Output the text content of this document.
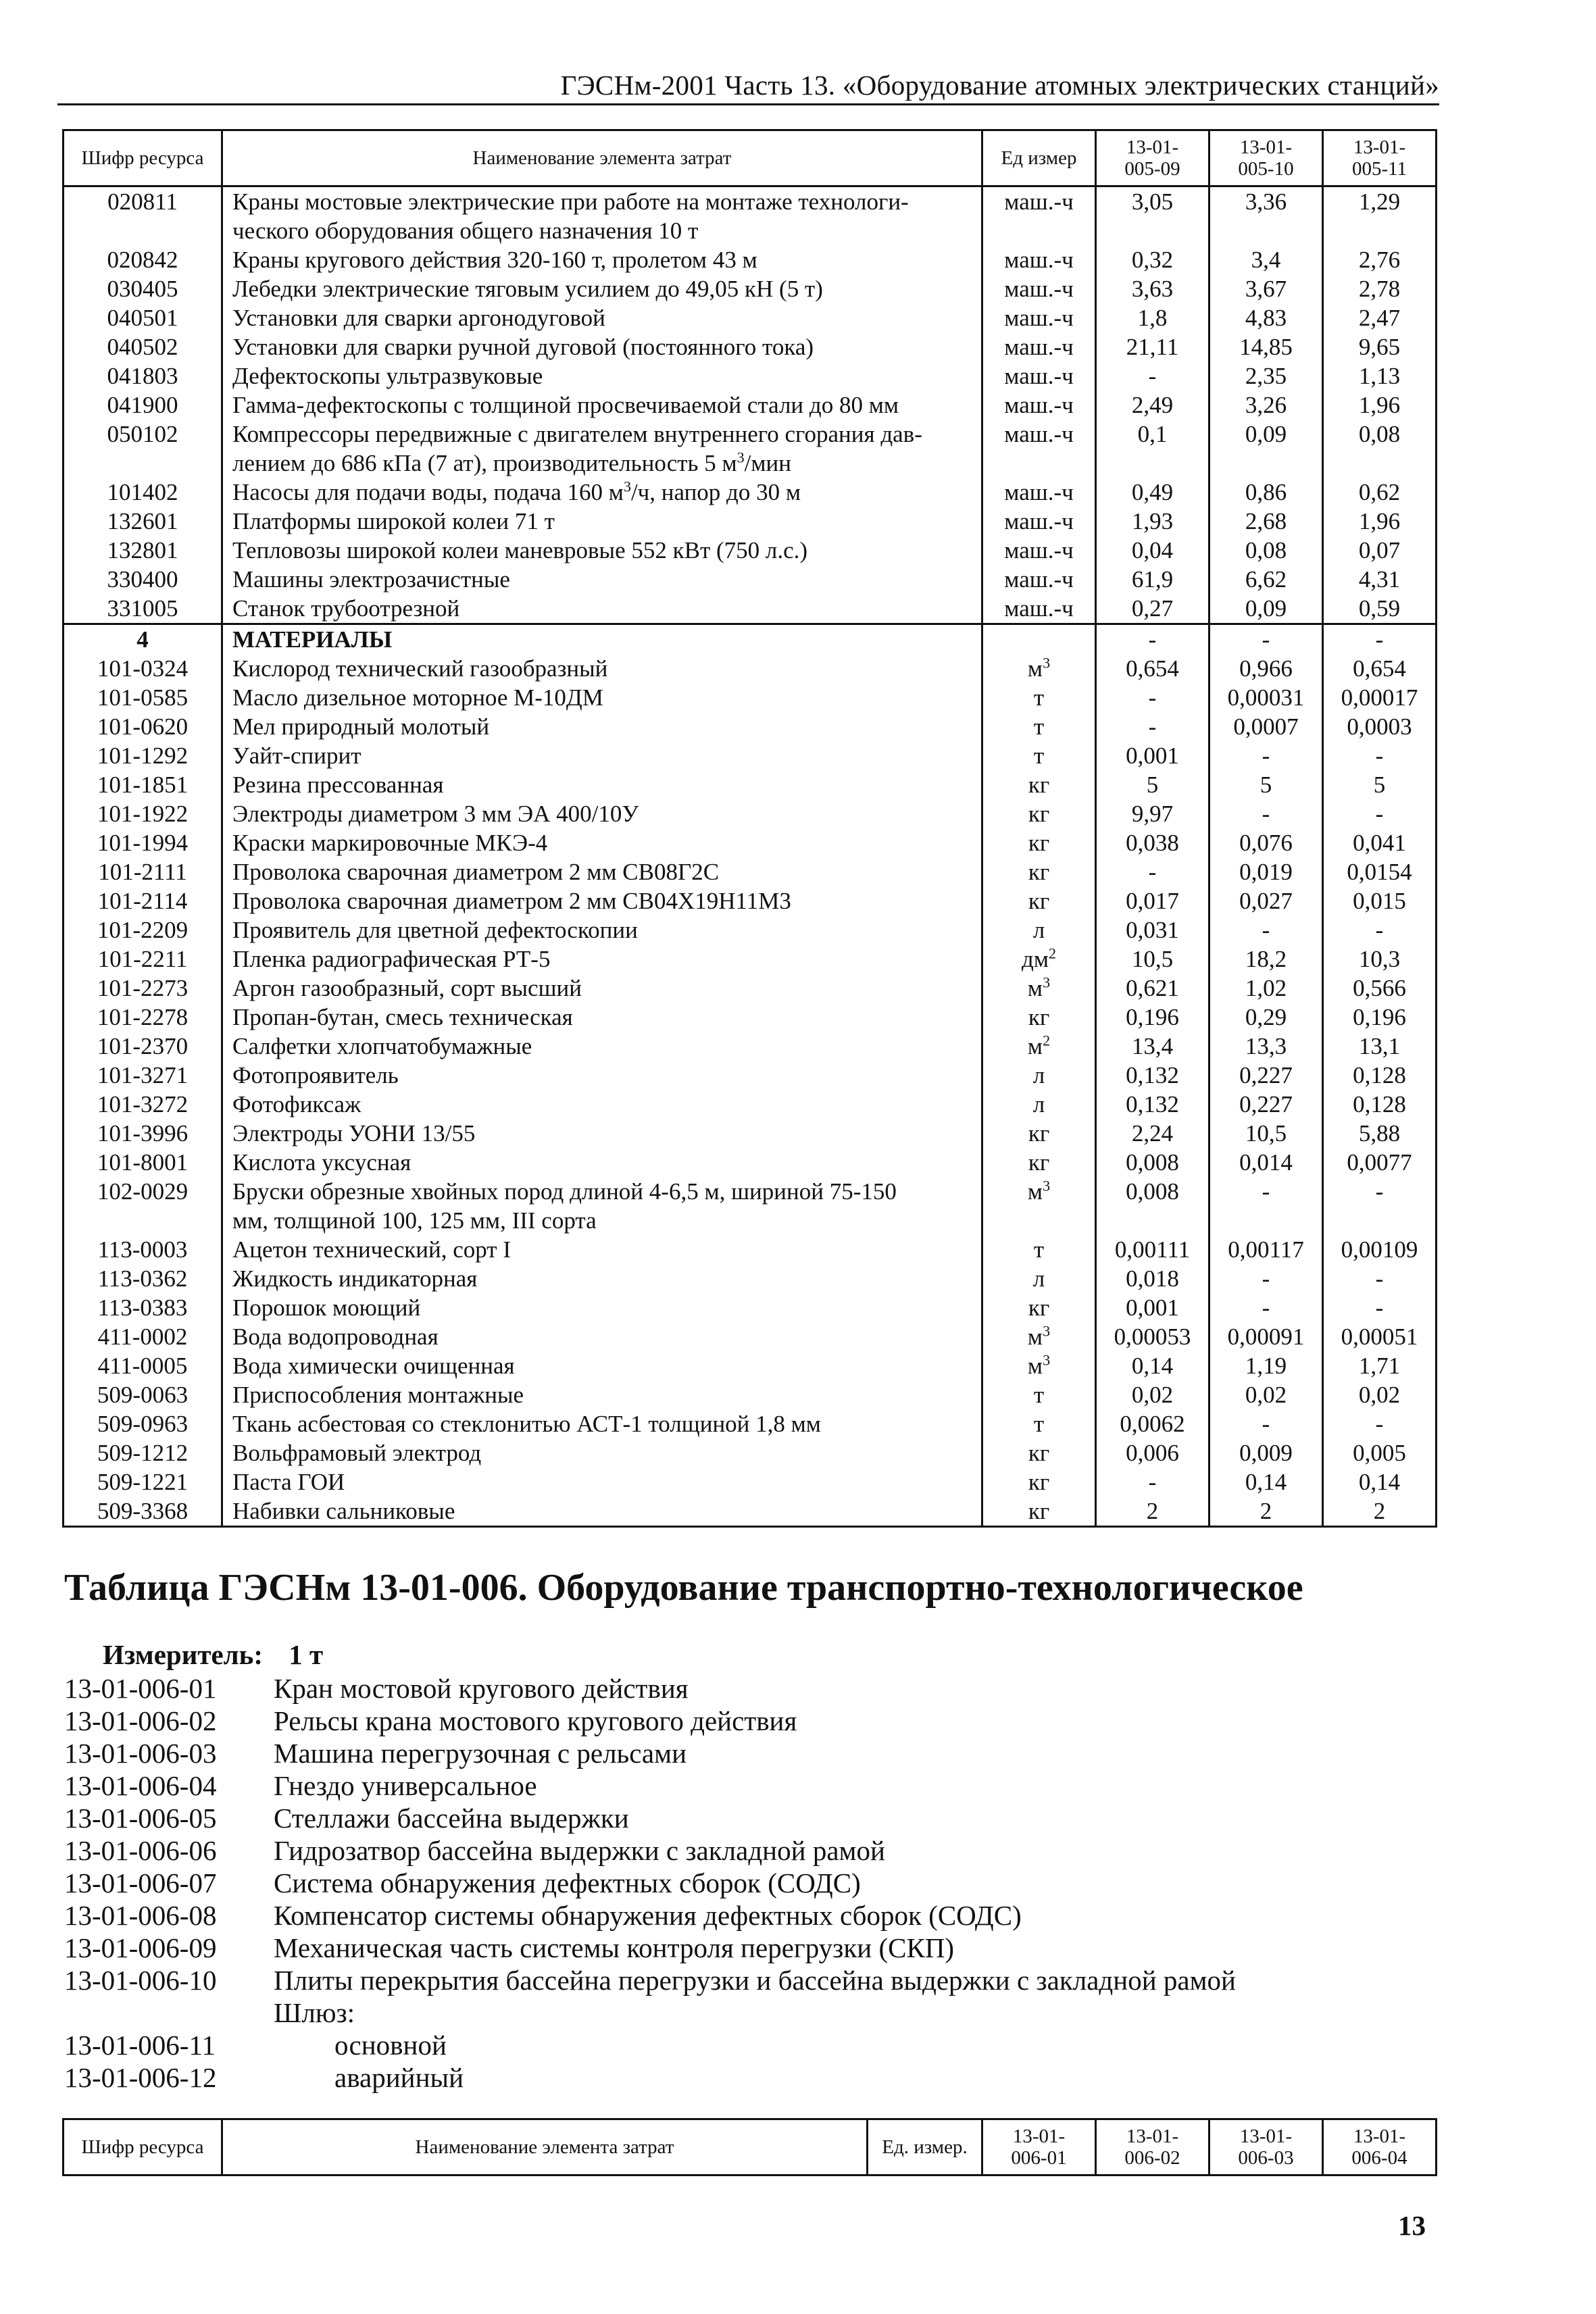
ГЭСНм-2001 Часть 13. «Оборудование атомных электрических станций»
Шифр ресурса	Наименование элемента затрат	Ед измер	13-01-
005-09	13-01-
005-10	13-01-
005-11
020811	Краны мостовые электрические при работе на монтаже технологи-
ческого оборудования общего назначения 10 т	маш.-ч	3,05	3,36	1,29
020842	Краны кругового действия 320-160 т, пролетом 43 м	маш.-ч	0,32	3,4	2,76
030405	Лебедки электрические тяговым усилием до 49,05 кН (5 т)	маш.-ч	3,63	3,67	2,78
040501	Установки для сварки аргонодуговой	маш.-ч	1,8	4,83	2,47
040502	Установки для сварки ручной дуговой (постоянного тока)	маш.-ч	21,11	14,85	9,65
041803	Дефектоскопы ультразвуковые	маш.-ч	-	2,35	1,13
041900	Гамма-дефектоскопы с толщиной просвечиваемой стали до 80 мм	маш.-ч	2,49	3,26	1,96
050102	Компрессоры передвижные с двигателем внутреннего сгорания дав-
лением до 686 кПа (7 ат), производительность 5 $м^3$/мин	маш.-ч	0,1	0,09	0,08
101402	Насосы для подачи воды, подача 160 $м^3/ч$, напор до 30 м	маш.-ч	0,49	0,86	0,62
132601	Платформы широкой колеи 71 т	маш.-ч	1,93	2,68	1,96
132801	Тепловозы широкой колеи маневровые 552 кВт (750 л.с.)	маш.-ч	0,04	0,08	0,07
330400	Машины электрозачистные	маш.-ч	61,9	6,62	4,31
331005	Станок трубоотрезной	маш.-ч	0,27	0,09	0,59
4	МАТЕРИАЛЫ		-	-	-
101-0324	Кислород технический газообразный	$м^3$	0,654	0,966	0,654
101-0585	Масло дизельное моторное М-10ДМ	т	-	0,00031	0,00017
101-0620	Мел природный молотый	т	-	0,0007	0,0003
101-1292	Уайт-спирит	т	0,001	-	-
101-1851	Резина прессованная	кг	5	5	5
101-1922	Электроды диаметром 3 мм ЭА 400/10У	кг	9,97	-	-
101-1994	Краски маркировочные МКЭ-4	кг	0,038	0,076	0,041
101-2111	Проволока сварочная диаметром 2 мм СВ08Г2С	кг	-	0,019	0,0154
101-2114	Проволока сварочная диаметром 2 мм СВ04Х19Н11М3	кг	0,017	0,027	0,015
101-2209	Проявитель для цветной дефектоскопии	л	0,031	-	-
101-2211	Пленка радиографическая РТ-5	$дм^2$	10,5	18,2	10,3
101-2273	Аргон газообразный, сорт высший	$м^3$	0,621	1,02	0,566
101-2278	Пропан-бутан, смесь техническая	кг	0,196	0,29	0,196
101-2370	Салфетки хлопчатобумажные	$м^2$	13,4	13,3	13,1
101-3271	Фотопроявитель	л	0,132	0,227	0,128
101-3272	Фотофиксаж	л	0,132	0,227	0,128
101-3996	Электроды УОНИ 13/55	кг	2,24	10,5	5,88
101-8001	Кислота уксусная	кг	0,008	0,014	0,0077
102-0029	Бруски обрезные хвойных пород длиной 4-6,5 м, шириной 75-150
мм, толщиной 100, 125 мм, III сорта	$м^3$	0,008	-	-
113-0003	Ацетон технический, сорт I	т	0,00111	0,00117	0,00109
113-0362	Жидкость индикаторная	л	0,018	-	-
113-0383	Порошок моющий	кг	0,001	-	-
411-0002	Вода водопроводная	$м^3$	0,00053	0,00091	0,00051
411-0005	Вода химически очищенная	$м^3$	0,14	1,19	1,71
509-0063	Приспособления монтажные	т	0,02	0,02	0,02
509-0963	Ткань асбестовая со стеклонитью АСТ-1 толщиной 1,8 мм	т	0,0062	-	-
509-1212	Вольфрамовый электрод	кг	0,006	0,009	0,005
509-1221	Паста ГОИ	кг	-	0,14	0,14
509-3368	Набивки сальниковые	кг	2	2	2
Таблица ГЭСНм 13-01-006. Оборудование транспортно-технологическое
Измеритель: 1 т
13-01-006-01 Кран мостовой кругового действия
13-01-006-02 Рельсы крана мостового кругового действия
13-01-006-03 Машина перегрузочная с рельсами
13-01-006-04 Гнездо универсальное
13-01-006-05 Стеллажи бассейна выдержки
13-01-006-06 Гидрозатвор бассейна выдержки с закладной рамой
13-01-006-07 Система обнаружения дефектных сборок (СОДС)
13-01-006-08 Компенсатор системы обнаружения дефектных сборок (СОДС)
13-01-006-09 Механическая часть системы контроля перегрузки (СКП)
13-01-006-10 Плиты перекрытия бассейна перегрузки и бассейна выдержки с закладной рамой
Шлюз:
13-01-006-11	основной
13-01-006-12	аварийный
Шифр ресурса	Наименование элемента затрат	Ед. измер.	13-01-
006-01	13-01-
006-02	13-01-
006-03	13-01-
006-04
13
